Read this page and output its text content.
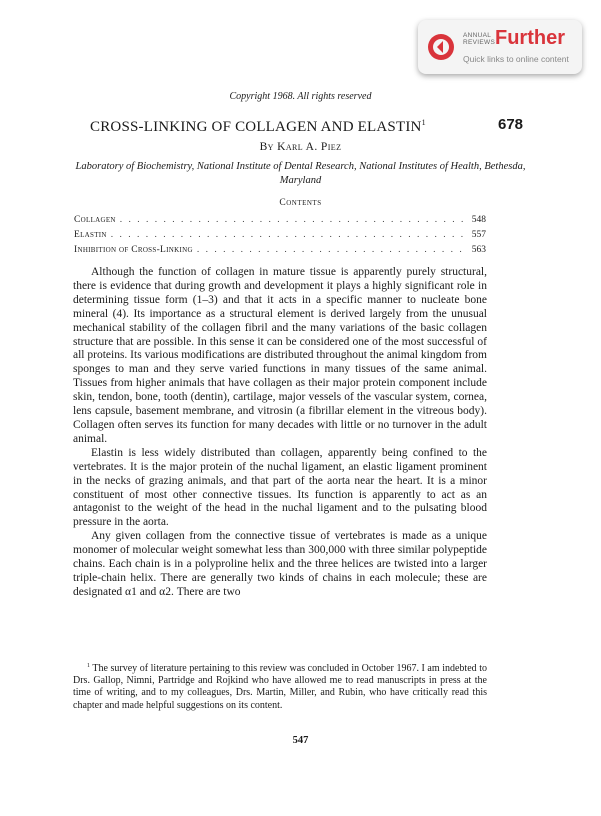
ANNUAL
REVIEWS Further
Quick links to online content
Copyright 1968. All rights reserved
CROSS-LINKING OF COLLAGEN AND ELASTIN$^1$	678
By Karl A. Piez
Laboratory of Biochemistry, National Institute of Dental Research, National Institutes of Health, Bethesda, Maryland
Contents
Collagen . . .	548
Elastin . . .	557
Inhibition of Cross-Linking . . .	563

Although the function of collagen in mature tissue is apparently purely structural, there is evidence that during growth and development it plays a highly significant role in determining tissue form (1–3) and that it acts in a specific manner to nucleate bone mineral (4). Its importance as a structural element is derived largely from the unusual mechanical stability of the collagen fibril and the many variations of the basic collagen structure that are possible. In this sense it can be considered one of the most successful of all proteins. Its various modifications are distributed throughout the animal kingdom from sponges to man and they serve varied functions in many tissues of the same animal. Tissues from higher animals that have collagen as their major protein component include skin, tendon, bone, tooth (dentin), cartilage, major vessels of the vascular system, cornea, lens capsule, basement membrane, and vitrosin (a fibrillar element in the vitreous body). Collagen often serves its function for many decades with little or no turnover in the adult animal.

Elastin is less widely distributed than collagen, apparently being confined to the vertebrates. It is the major protein of the nuchal ligament, an elastic ligament prominent in the necks of grazing animals, and that part of the aorta near the heart. It is a minor constituent of most other connective tissues. Its function is apparently to act as an antagonist to the weight of the head in the nuchal ligament and to the pulsating blood pressure in the aorta.

Any given collagen from the connective tissue of vertebrates is made as a unique monomer of molecular weight somewhat less than 300,000 with three similar polypeptide chains. Each chain is in a polyproline helix and the three helices are twisted into a larger triple-chain helix. There are generally two kinds of chains in each molecule; these are designated α1 and α2. There are two

$^1$ The survey of literature pertaining to this review was concluded in October 1967. I am indebted to Drs. Gallop, Nimni, Partridge and Rojkind who have allowed me to read manuscripts in press at the time of writing, and to my colleagues, Drs. Martin, Miller, and Rubin, who have critically read this chapter and made helpful suggestions on its content.

547
